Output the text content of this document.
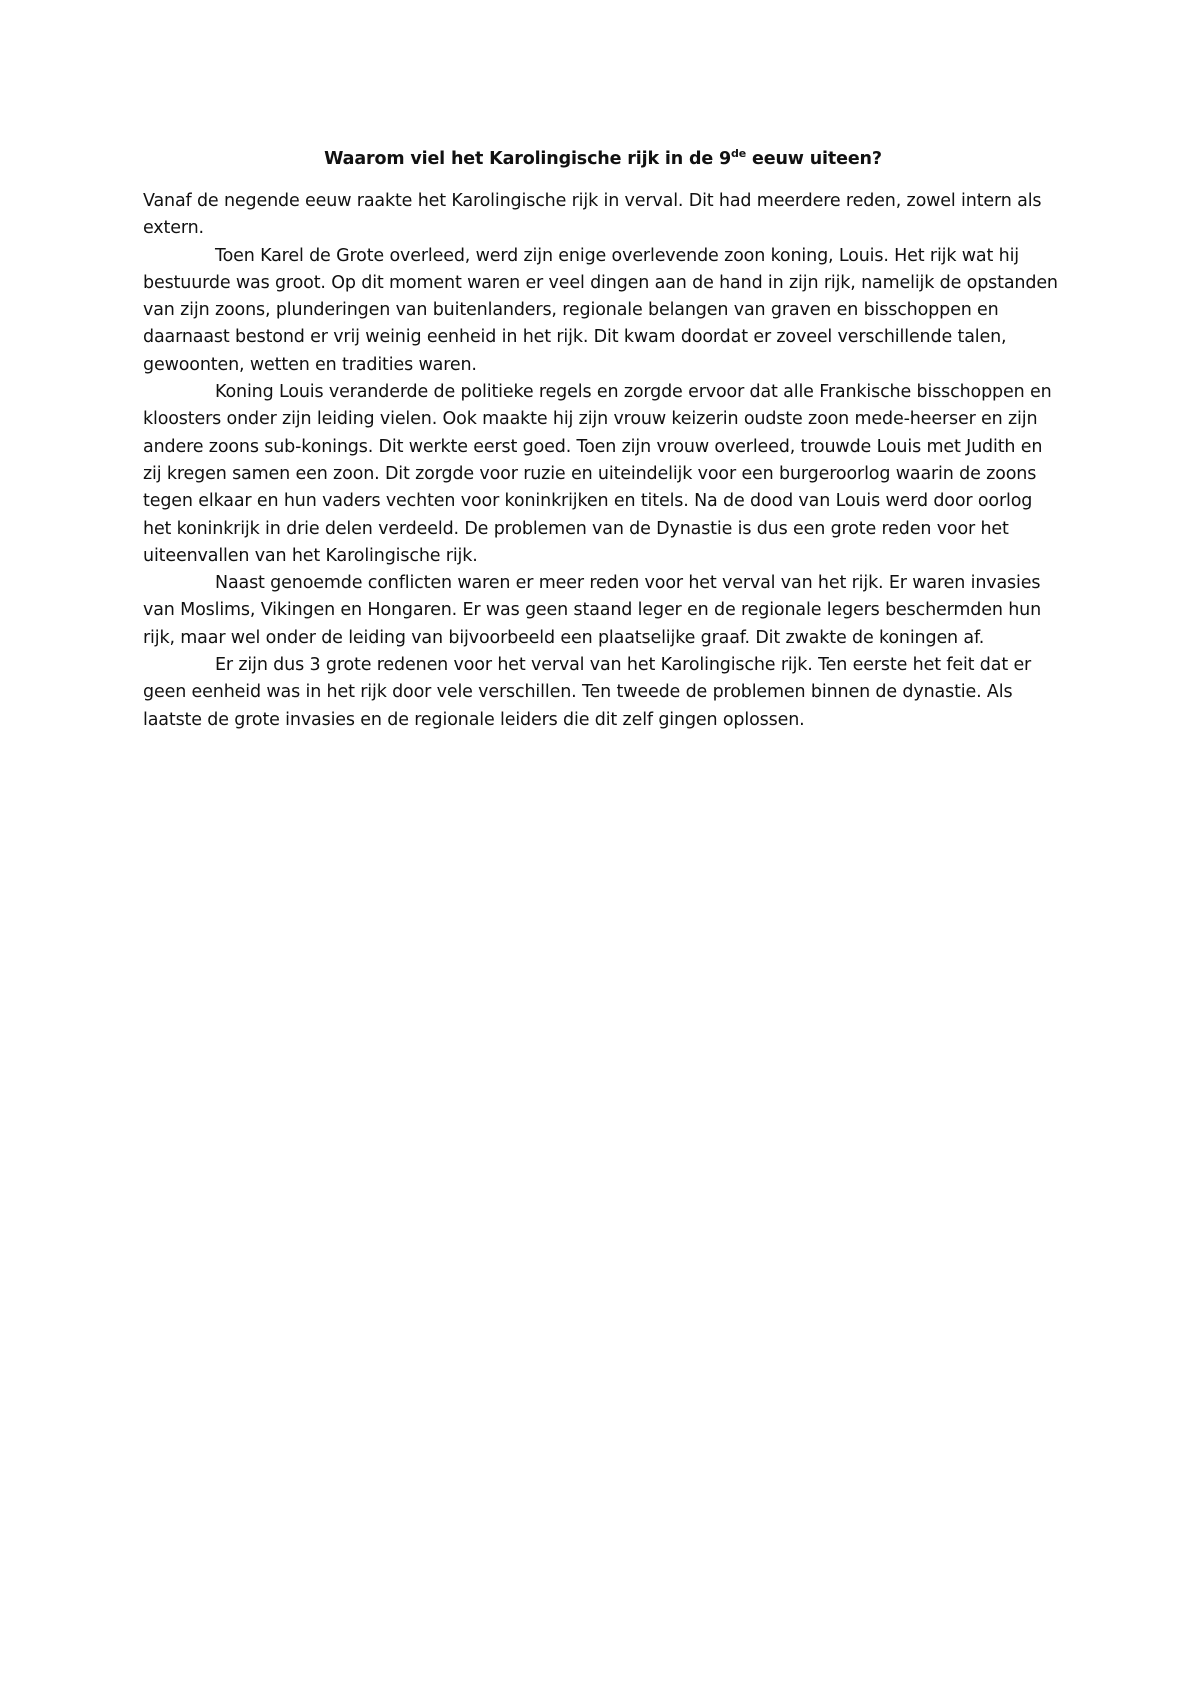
Waarom viel het Karolingische rijk in de 9de eeuw uiteen?

Vanaf de negende eeuw raakte het Karolingische rijk in verval. Dit had meerdere reden, zowel intern als extern.

Toen Karel de Grote overleed, werd zijn enige overlevende zoon koning, Louis. Het rijk wat hij bestuurde was groot. Op dit moment waren er veel dingen aan de hand in zijn rijk, namelijk de opstanden van zijn zoons, plunderingen van buitenlanders, regionale belangen van graven en bisschoppen en daarnaast bestond er vrij weinig eenheid in het rijk. Dit kwam doordat er zoveel verschillende talen, gewoonten, wetten en tradities waren.

Koning Louis veranderde de politieke regels en zorgde ervoor dat alle Frankische bisschoppen en kloosters onder zijn leiding vielen. Ook maakte hij zijn vrouw keizerin oudste zoon mede-heerser en zijn andere zoons sub-konings. Dit werkte eerst goed. Toen zijn vrouw overleed, trouwde Louis met Judith en zij kregen samen een zoon. Dit zorgde voor ruzie en uiteindelijk voor een burgeroorlog waarin de zoons tegen elkaar en hun vaders vechten voor koninkrijken en titels. Na de dood van Louis werd door oorlog het koninkrijk in drie delen verdeeld. De problemen van de Dynastie is dus een grote reden voor het uiteenvallen van het Karolingische rijk.

Naast genoemde conflicten waren er meer reden voor het verval van het rijk. Er waren invasies van Moslims, Vikingen en Hongaren. Er was geen staand leger en de regionale legers beschermden hun rijk, maar wel onder de leiding van bijvoorbeeld een plaatselijke graaf. Dit zwakte de koningen af.

Er zijn dus 3 grote redenen voor het verval van het Karolingische rijk. Ten eerste het feit dat er geen eenheid was in het rijk door vele verschillen. Ten tweede de problemen binnen de dynastie. Als laatste de grote invasies en de regionale leiders die dit zelf gingen oplossen.
